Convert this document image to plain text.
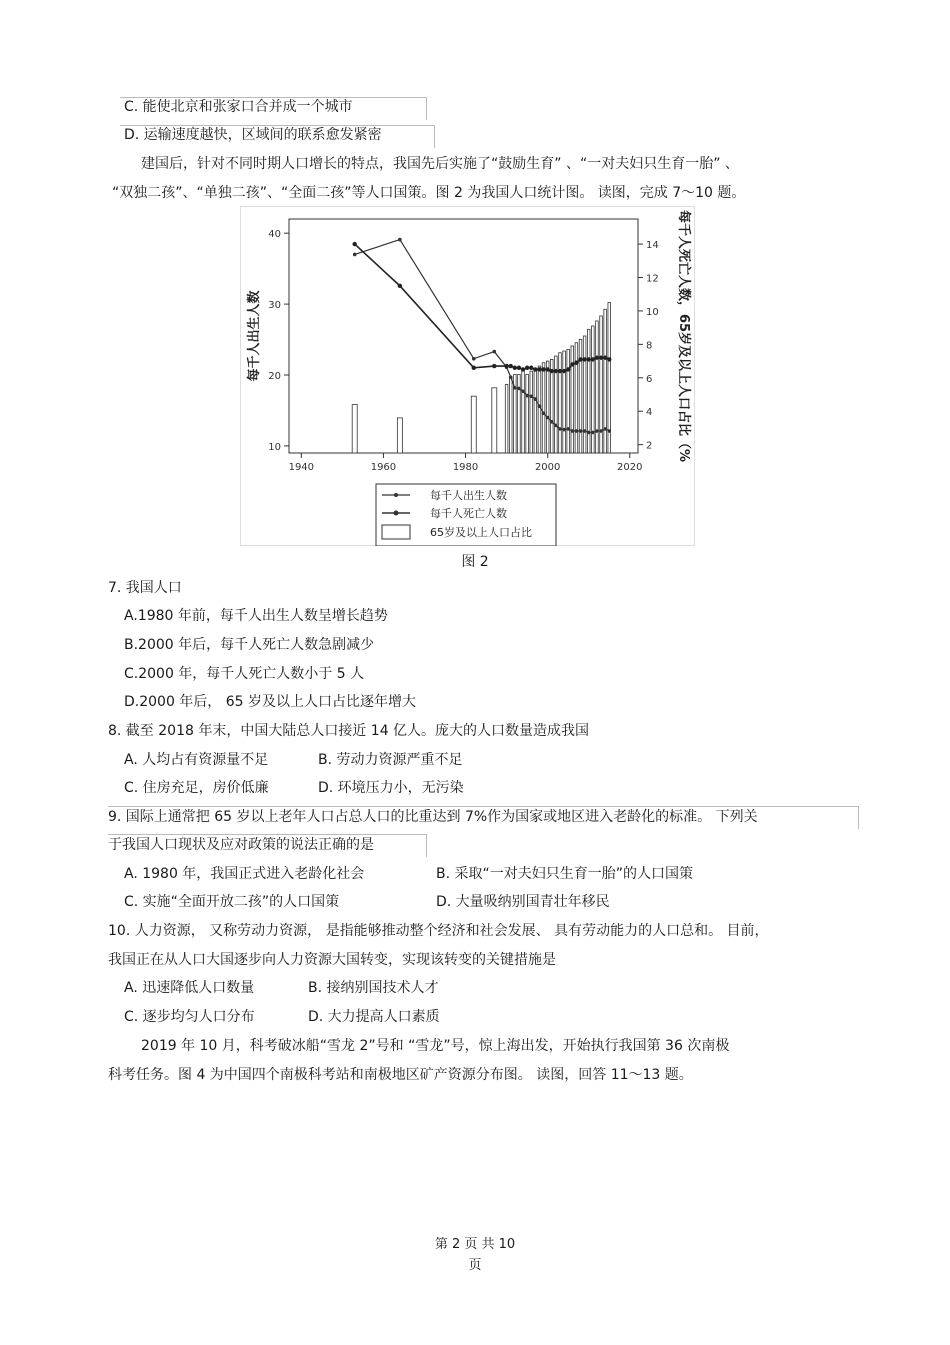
C. 能使北京和张家口合并成一个城市
D. 运输速度越快，区域间的联系愈发紧密
建国后，针对不同时期人口增长的特点，我国先后实施了“鼓励生育” 、“一对夫妇只生育一胎” 、
“双独二孩”、“单独二孩”、“全面二孩”等人口国策。图 2 为我国人口统计图。 读图，完成 7～10 题。
1940	1960	1980	2000	2020
10
20
30
40
2
4
6
8
10
12
14
每千人出生人数	每千人死亡人数，65岁及以上人口占比（%
每千人出生人数
每千人死亡人数
65岁及以上人口占比
图 2
7. 我国人口
A.1980 年前，每千人出生人数呈增长趋势
B.2000 年后，每千人死亡人数急剧减少
C.2000 年，每千人死亡人数小于 5 人
D.2000 年后， 65 岁及以上人口占比逐年增大
8. 截至 2018 年末，中国大陆总人口接近 14 亿人。庞大的人口数量造成我国
A. 人均占有资源量不足	B. 劳动力资源严重不足
C. 住房充足，房价低廉	D. 环境压力小，无污染
9. 国际上通常把 65 岁以上老年人口占总人口的比重达到 7%作为国家或地区进入老龄化的标准。 下列关
于我国人口现状及应对政策的说法正确的是
A. 1980 年，我国正式进入老龄化社会	B. 采取“一对夫妇只生育一胎”的人口国策
C. 实施“全面开放二孩”的人口国策	D. 大量吸纳别国青壮年移民
10. 人力资源， 又称劳动力资源， 是指能够推动整个经济和社会发展、 具有劳动能力的人口总和。 目前，
我国正在从人口大国逐步向人力资源大国转变，实现该转变的关键措施是
A. 迅速降低人口数量	B. 接纳别国技术人才
C. 逐步均匀人口分布	D. 大力提高人口素质
2019 年 10 月，科考破冰船“雪龙 2”号和 “雪龙”号，惊上海出发，开始执行我国第 36 次南极
科考任务。图 4 为中国四个南极科考站和南极地区矿产资源分布图。 读图，回答 11～13 题。
第 2 页 共 10
页
